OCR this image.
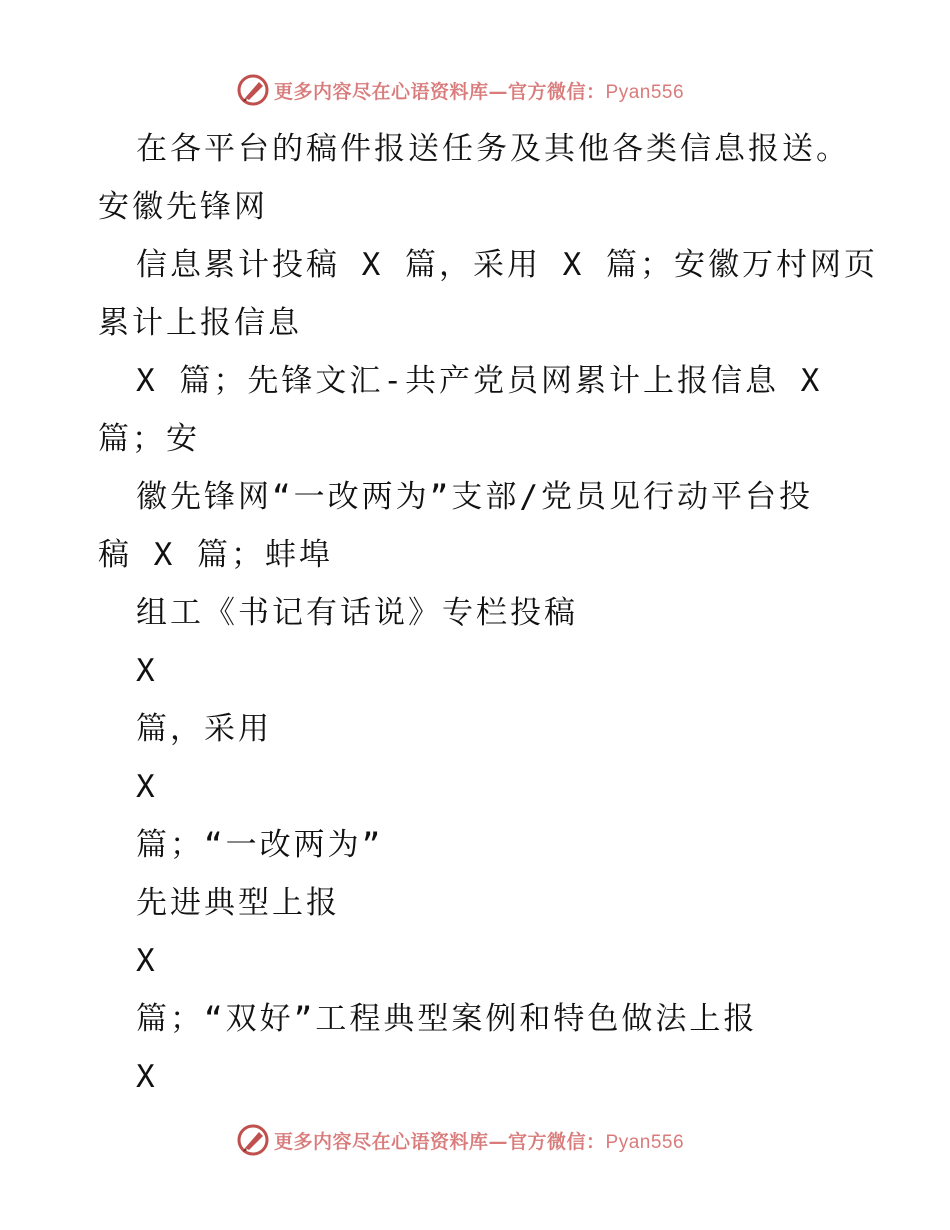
更多内容尽在心语资料库—官方微信：Pyan556
在各平台的稿件报送任务及其他各类信息报送。
安徽先锋网
信息累计投稿 X 篇，采用 X 篇；安徽万村网页
累计上报信息
X 篇；先锋文汇-共产党员网累计上报信息 X
篇；安
徽先锋网“一改两为”支部/党员见行动平台投
稿 X 篇；蚌埠
组工《书记有话说》专栏投稿
X
篇，采用
X
篇；“一改两为”
先进典型上报
X
篇；“双好”工程典型案例和特色做法上报
X
更多内容尽在心语资料库—官方微信：Pyan556
